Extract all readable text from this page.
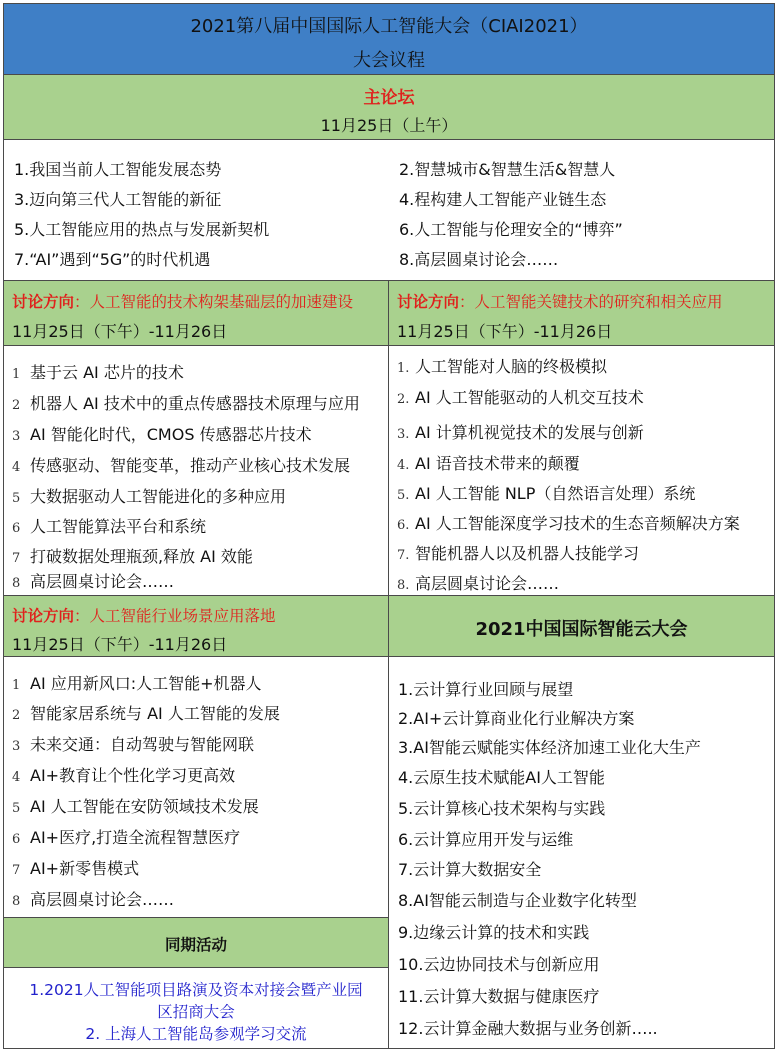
2021第八届中国国际人工智能大会（CIAI2021）
大会议程
主论坛
11月25日（上午）
1.我国当前人工智能发展态势
3.迈向第三代人工智能的新征
5.人工智能应用的热点与发展新契机
7.“AI”遇到“5G”的时代机遇
2.智慧城市&智慧生活&智慧人
4.程构建人工智能产业链生态
6.人工智能与伦理安全的“博弈”
8.高层圆桌讨论会……
讨论方向：人工智能的技术构架基础层的加速建设
11月25日（下午）-11月26日
讨论方向：人工智能关键技术的研究和相关应用
11月25日（下午）-11月26日
1 基于云 AI 芯片的技术
2 机器人 AI 技术中的重点传感器技术原理与应用
3 AI 智能化时代，CMOS 传感器芯片技术
4 传感驱动、智能变革，推动产业核心技术发展
5 大数据驱动人工智能进化的多种应用
6 人工智能算法平台和系统
7 打破数据处理瓶颈,释放 AI 效能
8 高层圆桌讨论会……
1. 人工智能对人脑的终极模拟
2. AI 人工智能驱动的人机交互技术
3. AI 计算机视觉技术的发展与创新
4. AI 语音技术带来的颠覆
5. AI 人工智能 NLP（自然语言处理）系统
6. AI 人工智能深度学习技术的生态音频解决方案
7. 智能机器人以及机器人技能学习
8. 高层圆桌讨论会……
讨论方向：人工智能行业场景应用落地
11月25日（下午）-11月26日
2021中国国际智能云大会
1 AI 应用新风口:人工智能+机器人
2 智能家居系统与 AI 人工智能的发展
3 未来交通：自动驾驶与智能网联
4 AI+教育让个性化学习更高效
5 AI 人工智能在安防领域技术发展
6 AI+医疗,打造全流程智慧医疗
7 AI+新零售模式
8 高层圆桌讨论会……
同期活动
1.2021人工智能项目路演及资本对接会暨产业园
区招商大会
2. 上海人工智能岛参观学习交流
1.云计算行业回顾与展望
2.AI+云计算商业化行业解决方案
3.AI智能云赋能实体经济加速工业化大生产
4.云原生技术赋能AI人工智能
5.云计算核心技术架构与实践
6.云计算应用开发与运维
7.云计算大数据安全
8.AI智能云制造与企业数字化转型
9.边缘云计算的技术和实践
10.云边协同技术与创新应用
11.云计算大数据与健康医疗
12.云计算金融大数据与业务创新…..
